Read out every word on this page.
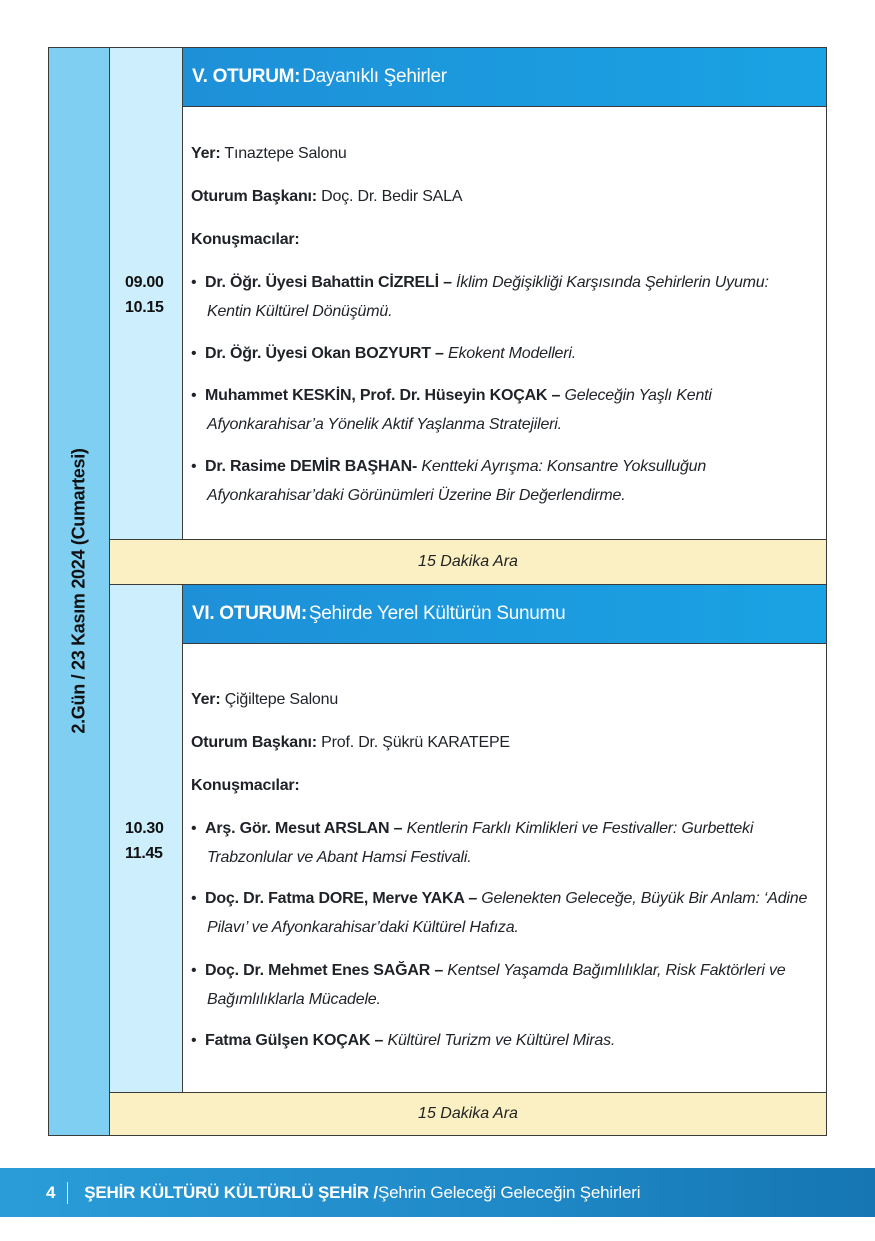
2.Gün / 23 Kasım 2024 (Cumartesi)
09.00
10.15
V. OTURUM: Dayanıklı Şehirler
Yer: Tınaztepe Salonu
Oturum Başkanı: Doç. Dr. Bedir SALA
Konuşmacılar:
• Dr. Öğr. Üyesi Bahattin CİZRELİ – İklim Değişikliği Karşısında Şehirlerin Uyumu:
Kentin Kültürel Dönüşümü.
• Dr. Öğr. Üyesi Okan BOZYURT – Ekokent Modelleri.
• Muhammet KESKİN, Prof. Dr. Hüseyin KOÇAK – Geleceğin Yaşlı Kenti
Afyonkarahisar’a Yönelik Aktif Yaşlanma Stratejileri.
• Dr. Rasime DEMİR BAŞHAN- Kentteki Ayrışma: Konsantre Yoksulluğun
Afyonkarahisar’daki Görünümleri Üzerine Bir Değerlendirme.
15 Dakika Ara
10.30
11.45
VI. OTURUM: Şehirde Yerel Kültürün Sunumu
Yer: Çiğiltepe Salonu
Oturum Başkanı: Prof. Dr. Şükrü KARATEPE
Konuşmacılar:
• Arş. Gör. Mesut ARSLAN – Kentlerin Farklı Kimlikleri ve Festivaller: Gurbetteki
Trabzonlular ve Abant Hamsi Festivali.
• Doç. Dr. Fatma DORE, Merve YAKA – Gelenekten Geleceğe, Büyük Bir Anlam: ‘Adine
Pilavı’ ve Afyonkarahisar’daki Kültürel Hafıza.
• Doç. Dr. Mehmet Enes SAĞAR – Kentsel Yaşamda Bağımlılıklar, Risk Faktörleri ve
Bağımlılıklarla Mücadele.
• Fatma Gülşen KOÇAK – Kültürel Turizm ve Kültürel Miras.
15 Dakika Ara
4 ŞEHİR KÜLTÜRÜ KÜLTÜRLÜ ŞEHİR / Şehrin Geleceği Geleceğin Şehirleri
